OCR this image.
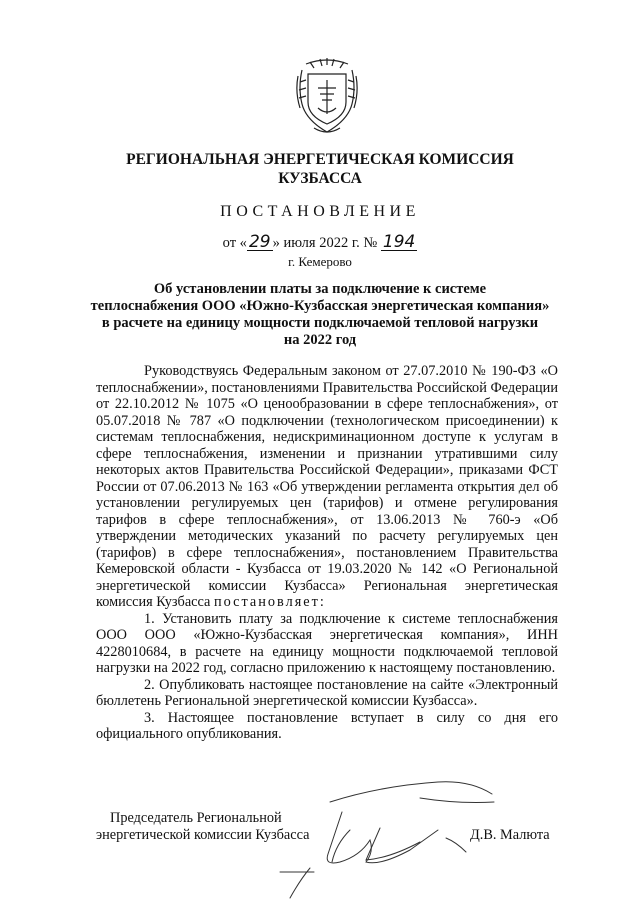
РЕГИОНАЛЬНАЯ ЭНЕРГЕТИЧЕСКАЯ КОМИССИЯ
КУЗБАССА
ПОСТАНОВЛЕНИЕ
от « 29 » июля 2022 г. № 194
г. Кемерово
Об установлении платы за подключение к системе
теплоснабжения ООО «Южно-Кузбасская энергетическая компания»
в расчете на единицу мощности подключаемой тепловой нагрузки
на 2022 год

Руководствуясь Федеральным законом от 27.07.2010 № 190-ФЗ «О теплоснабжении», постановлениями Правительства Российской Федерации от 22.10.2012 № 1075 «О ценообразовании в сфере теплоснабжения», от 05.07.2018 № 787 «О подключении (технологическом присоединении) к системам теплоснабжения, недискриминационном доступе к услугам в сфере теплоснабжения, изменении и признании утратившими силу некоторых актов Правительства Российской Федерации», приказами ФСТ России от 07.06.2013 № 163 «Об утверждении регламента открытия дел об установлении регулируемых цен (тарифов) и отмене регулирования тарифов в сфере теплоснабжения», от 13.06.2013 № 760-э «Об утверждении методических указаний по расчету регулируемых цен (тарифов) в сфере теплоснабжения», постановлением Правительства Кемеровской области - Кузбасса от 19.03.2020 № 142 «О Региональной энергетической комиссии Кузбасса» Региональная энергетическая комиссия Кузбасса постановляет:

1. Установить плату за подключение к системе теплоснабжения ООО ООО «Южно-Кузбасская энергетическая компания», ИНН 4228010684, в расчете на единицу мощности подключаемой тепловой нагрузки на 2022 год, согласно приложению к настоящему постановлению.

2. Опубликовать настоящее постановление на сайте «Электронный бюллетень Региональной энергетической комиссии Кузбасса».

3. Настоящее постановление вступает в силу со дня его официального опубликования.

Председатель Региональной
энергетической комиссии Кузбасса	Д.В. Малюта
